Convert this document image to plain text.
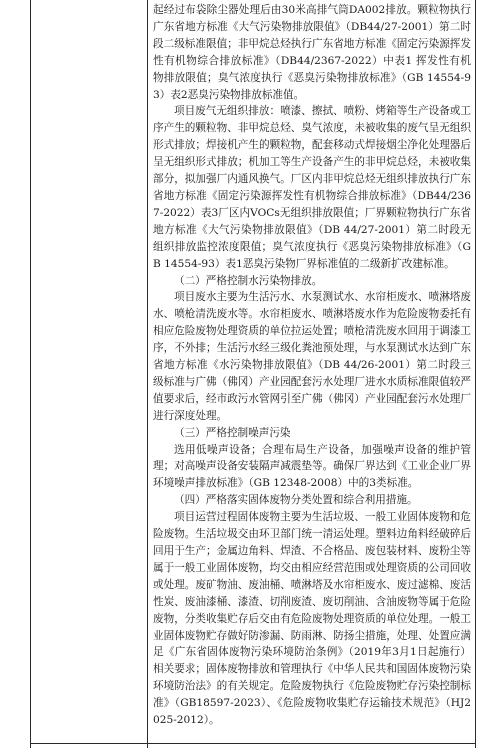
起经过布袋除尘器处理后由30米高排气筒DA002排放。颗粒物执行广东省地方标准《大气污染物排放限值》（DB44/27-2001）第二时段二级标准限值；非甲烷总烃执行广东省地方标准《固定污染源挥发性有机物综合排放标准》（DB44/2367-2022）中表1 挥发性有机物排放限值；臭气浓度执行《恶臭污染物排放标准》（GB 14554-93）表2恶臭污染物排放标准值。

项目废气无组织排放：喷漆、擦拭、喷粉、烤箱等生产设备或工序产生的颗粒物、非甲烷总烃、臭气浓度，未被收集的废气呈无组织形式排放；焊接机产生的颗粒物，配套移动式焊接烟尘净化处理器后呈无组织形式排放；机加工等生产设备产生的非甲烷总烃，未被收集部分，拟加强厂内通风换气。厂区内非甲烷总烃无组织排放执行广东省地方标准《固定污染源挥发性有机物综合排放标准》（DB44/2367-2022）表3厂区内VOCs无组织排放限值；厂界颗粒物执行广东省地方标准《大气污染物排放限值》（DB 44/27-2001）第二时段无组织排放监控浓度限值；臭气浓度执行《恶臭污染物排放标准》（GB 14554-93）表1恶臭污染物厂界标准值的二级新扩改建标准。

（二）严格控制水污染物排放。

项目废水主要为生活污水、水泵测试水、水帘柜废水、喷淋塔废水、喷枪清洗废水等。水帘柜废水、喷淋塔废水作为危险废物委托有相应危险废物处理资质的单位拉运处置；喷枪清洗废水回用于调漆工序，不外排；生活污水经三级化粪池预处理，与水泵测试水达到广东省地方标准《水污染物排放限值》（DB 44/26-2001）第二时段三级标准与广佛（佛冈）产业园配套污水处理厂进水水质标准限值较严值要求后，经市政污水管网引至广佛（佛冈）产业园配套污水处理厂进行深度处理。

（三）严格控制噪声污染

选用低噪声设备；合理布局生产设备，加强噪声设备的维护管理；对高噪声设备安装隔声减震垫等。确保厂界达到《工业企业厂界环境噪声排放标准》（GB 12348-2008）中的3类标准。

（四）严格落实固体废物分类处置和综合利用措施。

项目运营过程固体废物主要为生活垃圾、一般工业固体废物和危险废物。生活垃圾交由环卫部门统一清运处理。塑料边角料经破碎后回用于生产；金属边角料、焊渣、不合格品、废包装材料、废粉尘等属于一般工业固体废物，均交由相应经营范围或处理资质的公司回收或处理。废矿物油、废油桶、喷淋塔及水帘柜废水、废过滤棉、废活性炭、废油漆桶、漆渣、切削废渣、废切削油、含油废物等属于危险废物，分类收集贮存后交由有危险废物处理资质的单位处理。一般工业固体废物贮存做好防渗漏、防雨淋、防扬尘措施，处理、处置应满足《广东省固体废物污染环境防治条例》（2019年3月1日起施行）相关要求；固体废物排放和管理执行《中华人民共和国固体废物污染环境防治法》的有关规定。危险废物执行《危险废物贮存污染控制标准》（GB18597-2023）、《危险废物收集贮存运输技术规范》（HJ2025-2012）。
